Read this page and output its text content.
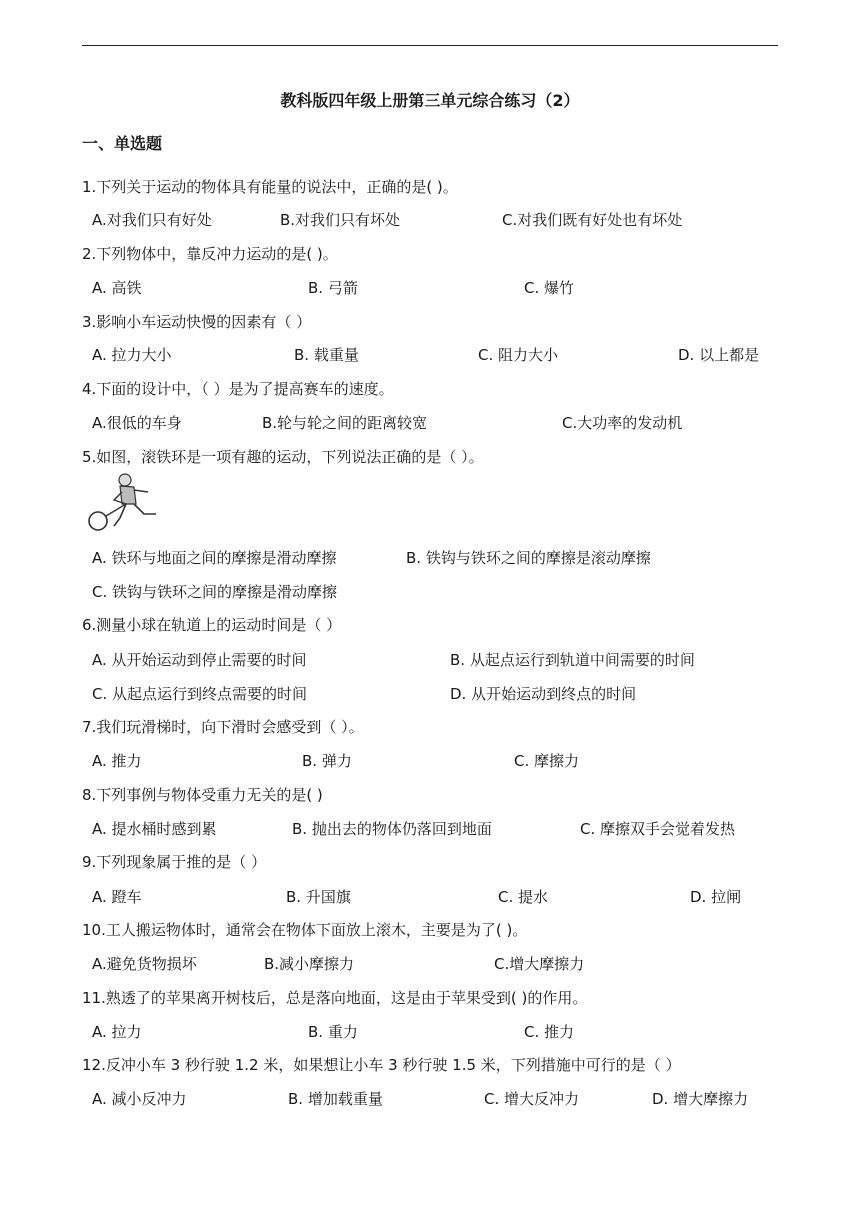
教科版四年级上册第三单元综合练习（2）
一、单选题
1.下列关于运动的物体具有能量的说法中，正确的是( )。
A.对我们只有好处	B.对我们只有坏处	C.对我们既有好处也有坏处
2.下列物体中，靠反冲力运动的是( )。
A. 高铁	B. 弓箭	C. 爆竹
3.影响小车运动快慢的因素有（ ）
A. 拉力大小	B. 载重量	C. 阻力大小	D. 以上都是
4.下面的设计中，（ ）是为了提高赛车的速度。
A.很低的车身	B.轮与轮之间的距离较宽	C.大功率的发动机
5.如图，滚铁环是一项有趣的运动，下列说法正确的是（ ）。
A. 铁环与地面之间的摩擦是滑动摩擦	B. 铁钩与铁环之间的摩擦是滚动摩擦
C. 铁钩与铁环之间的摩擦是滑动摩擦
6.测量小球在轨道上的运动时间是（ ）
A. 从开始运动到停止需要的时间	B. 从起点运行到轨道中间需要的时间
C. 从起点运行到终点需要的时间	D. 从开始运动到终点的时间
7.我们玩滑梯时，向下滑时会感受到（ ）。
A. 推力	B. 弹力	C. 摩擦力
8.下列事例与物体受重力无关的是( )
A. 提水桶时感到累	B. 抛出去的物体仍落回到地面	C. 摩擦双手会觉着发热
9.下列现象属于推的是（ ）
A. 蹬车	B. 升国旗	C. 提水	D. 拉闸
10.工人搬运物体时，通常会在物体下面放上滚木，主要是为了( )。
A.避免货物损坏	B.减小摩擦力	C.增大摩擦力
11.熟透了的苹果离开树枝后，总是落向地面，这是由于苹果受到( )的作用。
A. 拉力	B. 重力	C. 推力
12.反冲小车 3 秒行驶 1.2 米，如果想让小车 3 秒行驶 1.5 米，下列措施中可行的是（ ）
A. 减小反冲力	B. 增加载重量	C. 增大反冲力	D. 增大摩擦力
